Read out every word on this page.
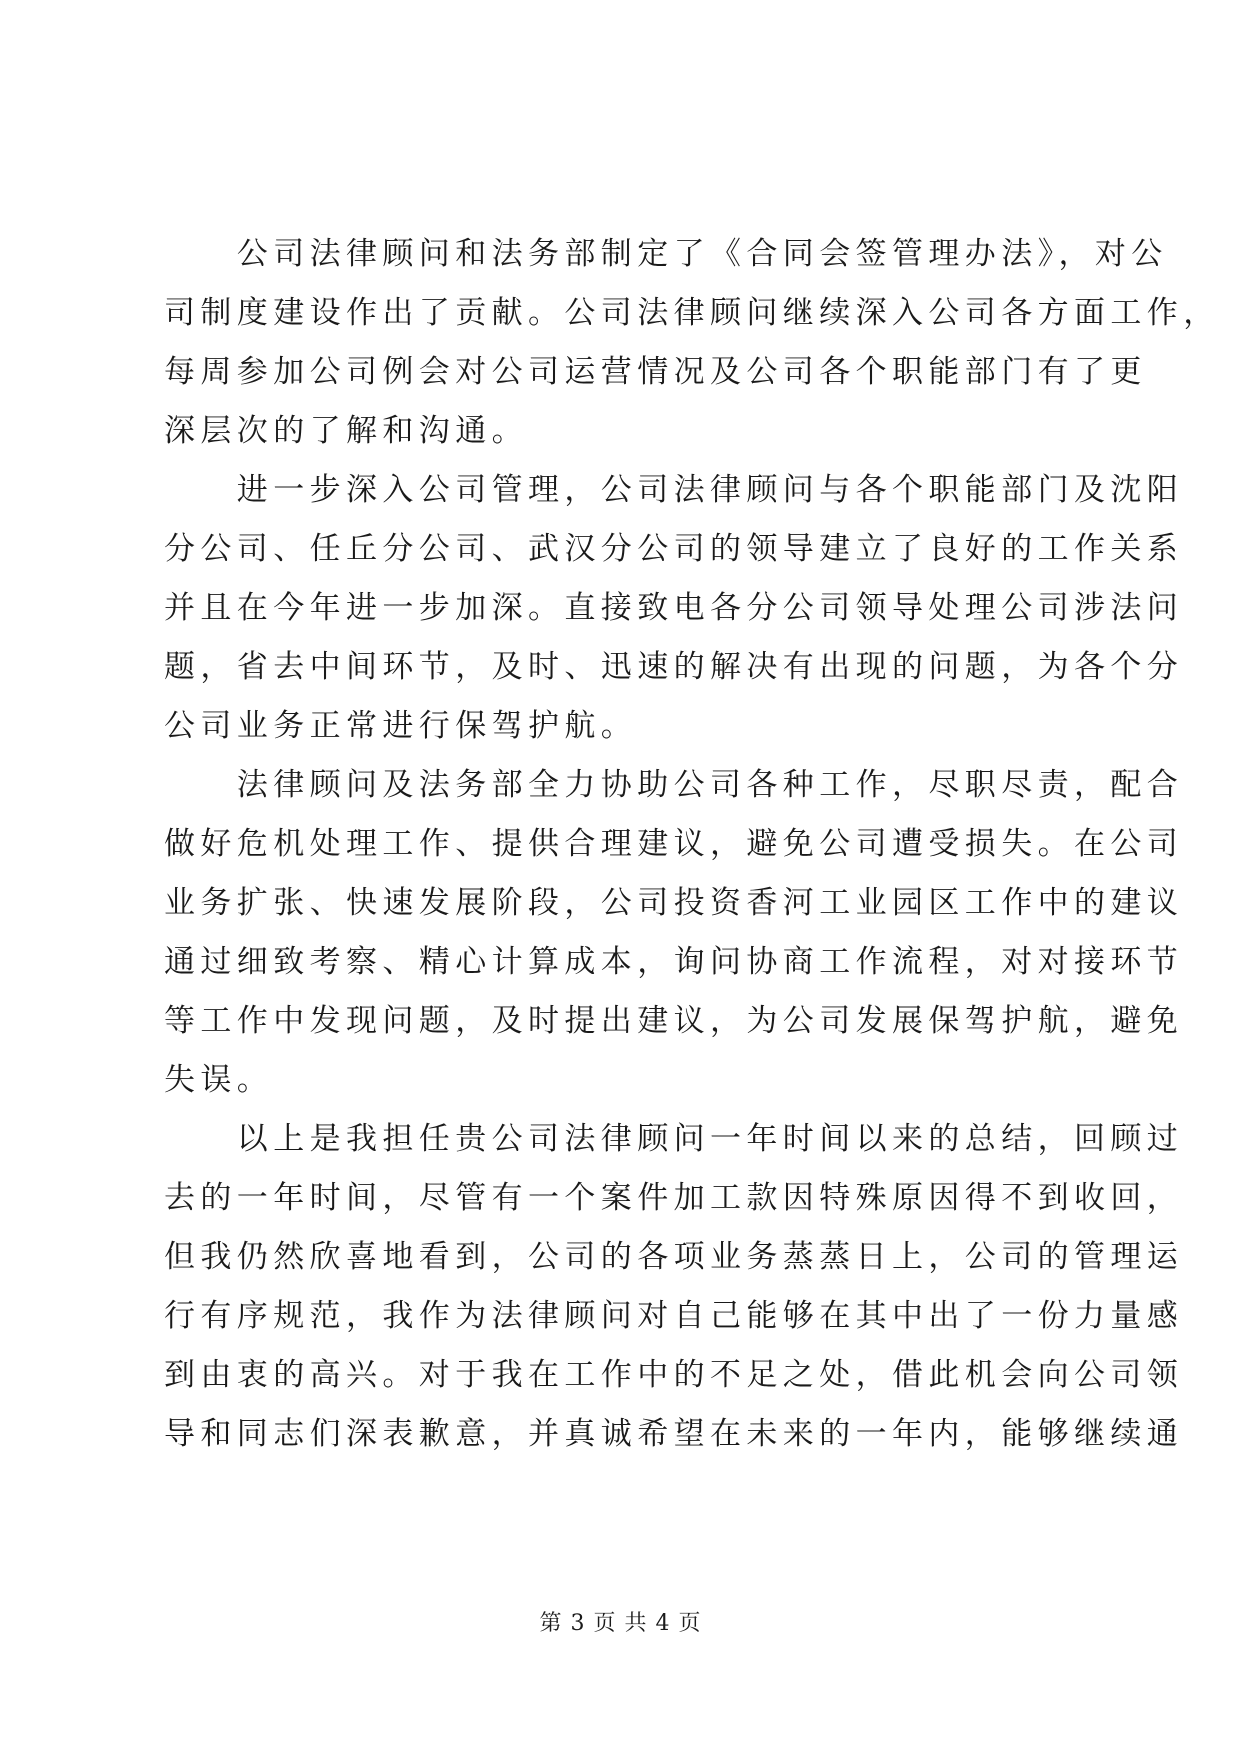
　　公司法律顾问和法务部制定了《合同会签管理办法》，对公
司制度建设作出了贡献。公司法律顾问继续深入公司各方面工作，
每周参加公司例会对公司运营情况及公司各个职能部门有了更
深层次的了解和沟通。

　　进一步深入公司管理，公司法律顾问与各个职能部门及沈阳
分公司、任丘分公司、武汉分公司的领导建立了良好的工作关系
并且在今年进一步加深。直接致电各分公司领导处理公司涉法问
题，省去中间环节，及时、迅速的解决有出现的问题，为各个分
公司业务正常进行保驾护航。

　　法律顾问及法务部全力协助公司各种工作，尽职尽责，配合
做好危机处理工作、提供合理建议，避免公司遭受损失。在公司
业务扩张、快速发展阶段，公司投资香河工业园区工作中的建议
通过细致考察、精心计算成本，询问协商工作流程，对对接环节
等工作中发现问题，及时提出建议，为公司发展保驾护航，避免
失误。

　　以上是我担任贵公司法律顾问一年时间以来的总结，回顾过
去的一年时间，尽管有一个案件加工款因特殊原因得不到收回，
但我仍然欣喜地看到，公司的各项业务蒸蒸日上，公司的管理运
行有序规范，我作为法律顾问对自己能够在其中出了一份力量感
到由衷的高兴。对于我在工作中的不足之处，借此机会向公司领
导和同志们深表歉意，并真诚希望在未来的一年内，能够继续通

第 3 页 共 4 页
